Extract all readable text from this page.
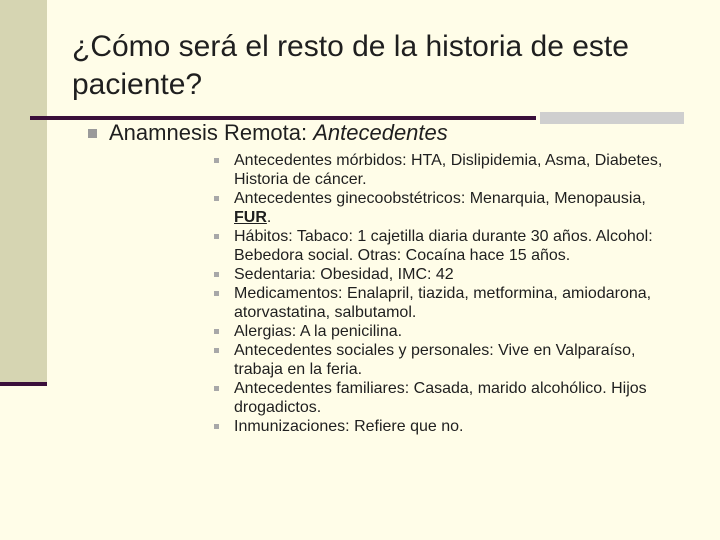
¿Cómo será el resto de la historia de este paciente?
Anamnesis Remota:
Antecedentes
Antecedentes mórbidos: HTA, Dislipidemia, Asma, Diabetes, Historia de cáncer.
Antecedentes ginecoobstétricos: Menarquia, Menopausia, FUR.
Hábitos: Tabaco: 1 cajetilla diaria durante 30 años. Alcohol: Bebedora social. Otras: Cocaína hace 15 años.
Sedentaria: Obesidad, IMC: 42
Medicamentos: Enalapril, tiazida, metformina, amiodarona, atorvastatina, salbutamol.
Alergias: A la penicilina.
Antecedentes sociales y personales: Vive en Valparaíso, trabaja en la feria.
Antecedentes familiares: Casada, marido alcohólico. Hijos drogadictos.
Inmunizaciones: Refiere que no.
